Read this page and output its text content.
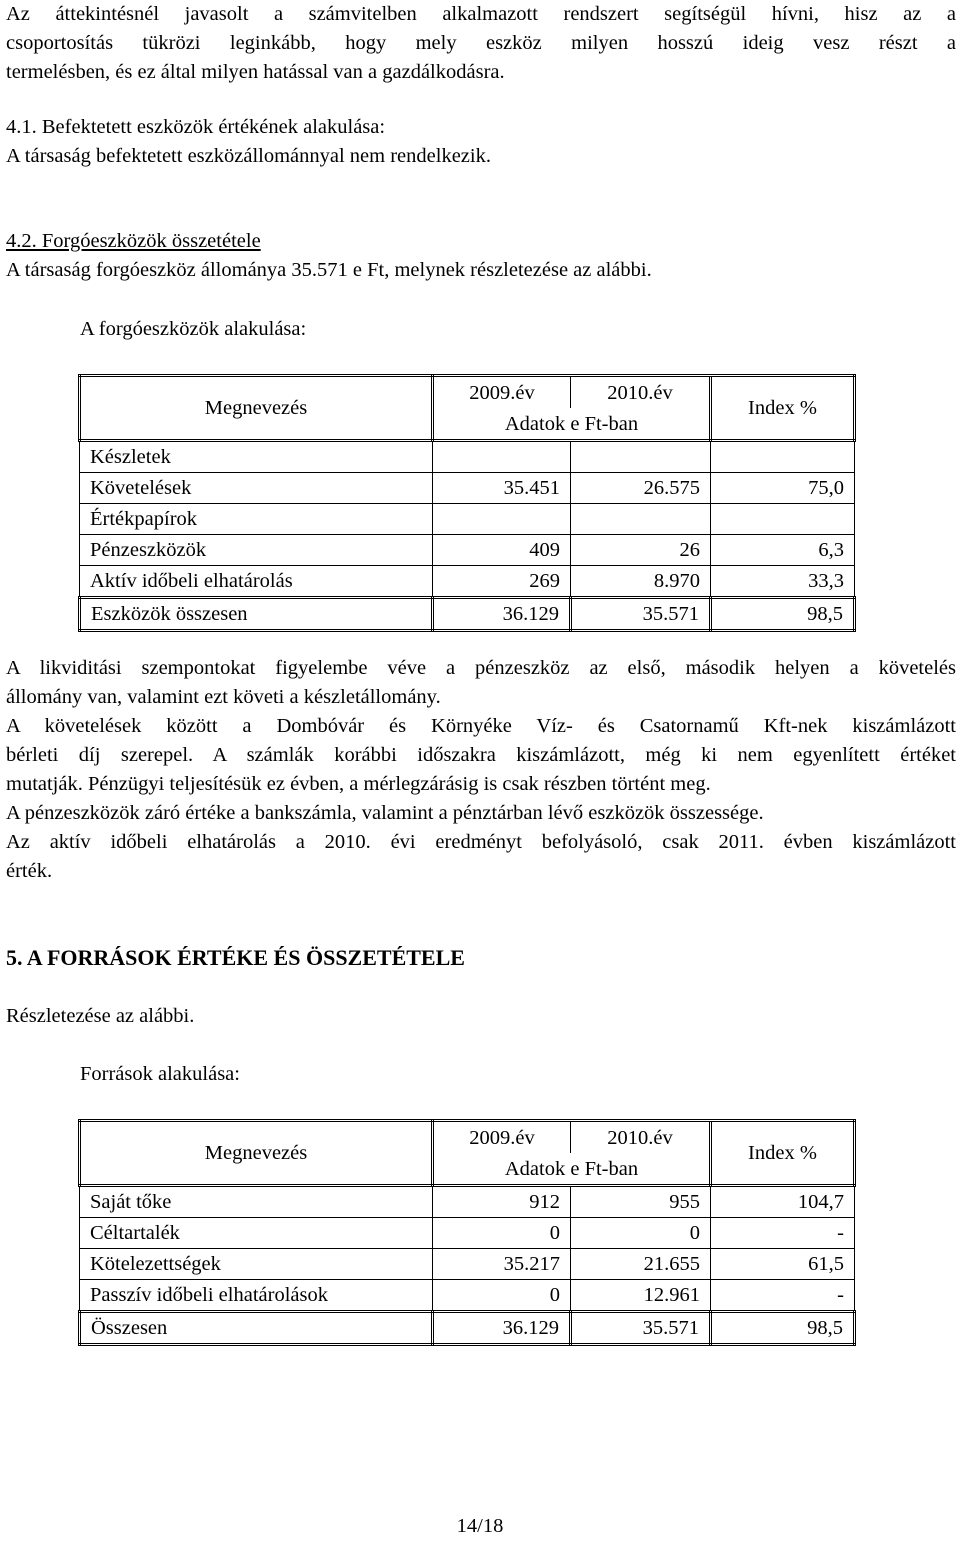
Az áttekintésnél javasolt a számvitelben alkalmazott rendszert segítségül hívni, hisz az a

csoportosítás tükrözi leginkább, hogy mely eszköz milyen hosszú ideig vesz részt a

termelésben, és ez által milyen hatással van a gazdálkodásra.

4.1. Befektetett eszközök értékének alakulása:

A társaság befektetett eszközállománnyal nem rendelkezik.

4.2. Forgóeszközök összetétele

A társaság forgóeszköz állománya 35.571 e Ft, melynek részletezése az alábbi.

A forgóeszközök alakulása:

Megnevezés	2009.év	2010.év	Index %
	Adatok e Ft-ban		
Készletek			
Követelések	35.451	26.575	75,0
Értékpapírok			
Pénzeszközök	409	26	6,3
Aktív időbeli elhatárolás	269	8.970	33,3
Eszközök összesen	36.129	35.571	98,5

A likviditási szempontokat figyelembe véve a pénzeszköz az első, második helyen a követelés

állomány van, valamint ezt követi a készletállomány.

A követelések között a Dombóvár és Környéke Víz- és Csatornamű Kft-nek kiszámlázott

bérleti díj szerepel. A számlák korábbi időszakra kiszámlázott, még ki nem egyenlített értéket

mutatják. Pénzügyi teljesítésük ez évben, a mérlegzárásig is csak részben történt meg.

A pénzeszközök záró értéke a bankszámla, valamint a pénztárban lévő eszközök összessége.

Az aktív időbeli elhatárolás a 2010. évi eredményt befolyásoló, csak 2011. évben kiszámlázott

érték.

5. A FORRÁSOK ÉRTÉKE ÉS ÖSSZETÉTELE

Részletezése az alábbi.

Források alakulása:

Megnevezés	2009.év	2010.év	Index %
	Adatok e Ft-ban		
Saját tőke	912	955	104,7
Céltartalék	0	0	-
Kötelezettségek	35.217	21.655	61,5
Passzív időbeli elhatárolások	0	12.961	-
Összesen	36.129	35.571	98,5
14/18
